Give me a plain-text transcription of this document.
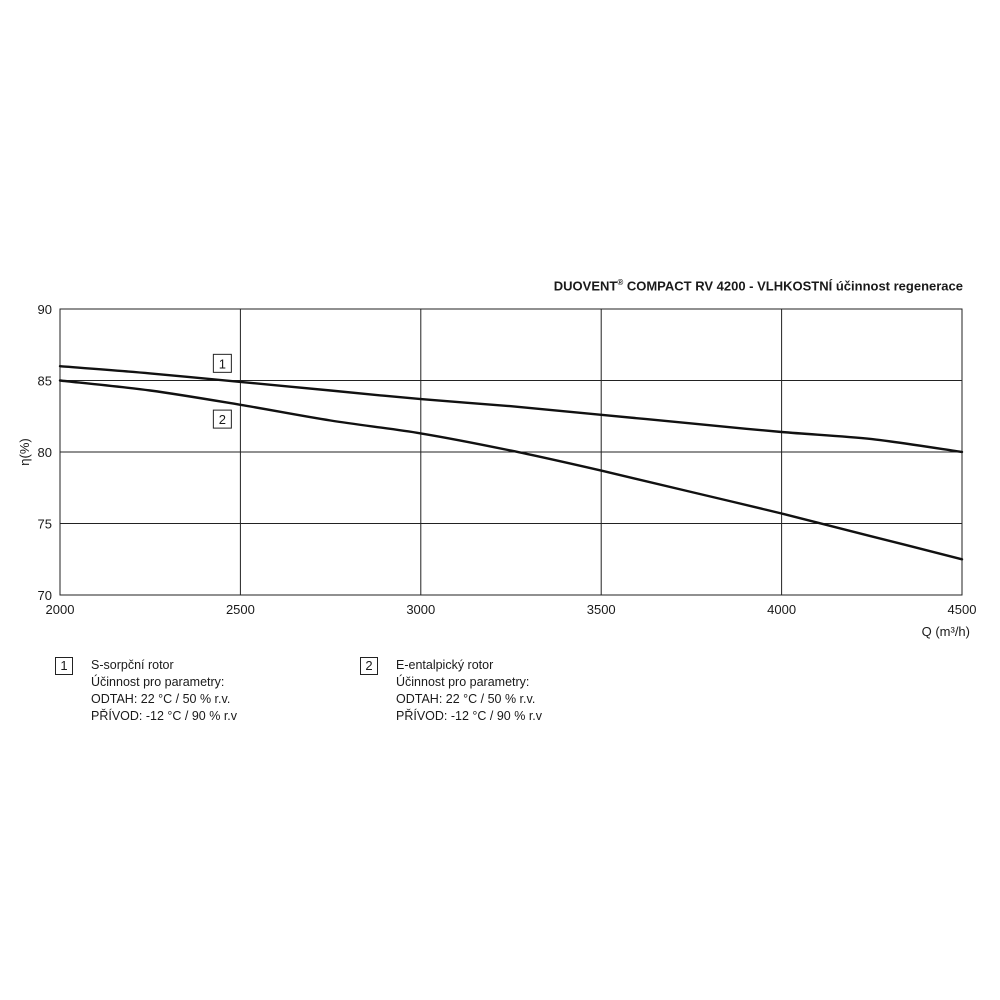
DUOVENT® COMPACT RV 4200 - VLHKOSTNÍ účinnost regenerace
2000	2500	3000	3500	4000	4500
70
75
80
85
90
Q (m³/h)
η(%)
1
2
1	S-sorpční rotor
Účinnost pro parametry:
ODTAH: 22 °C / 50 % r.v.
PŘÍVOD: -12 °C / 90 % r.v
2	E-entalpický rotor
Účinnost pro parametry:
ODTAH: 22 °C / 50 % r.v.
PŘÍVOD: -12 °C / 90 % r.v
